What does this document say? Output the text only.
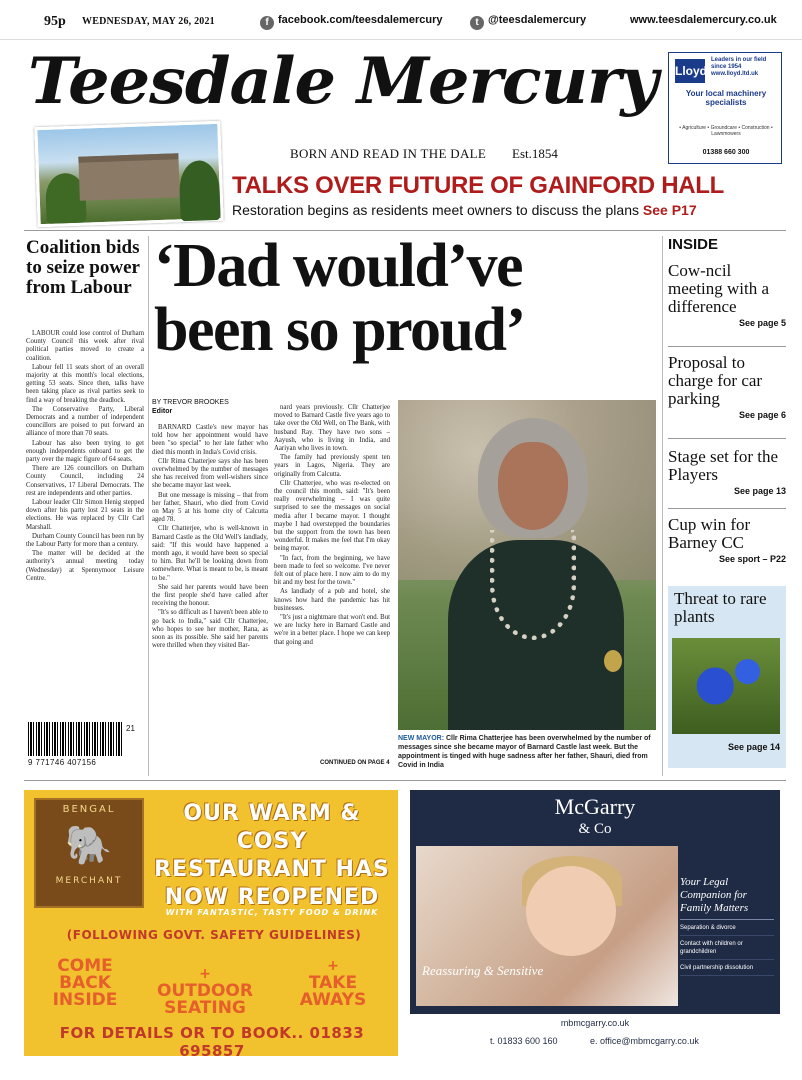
95p WEDNESDAY, MAY 26, 2021	f facebook.com/teesdalemercury	t @teesdalemercury	www.teesdalemercury.co.uk
Teesdale Mercury
BORN AND READ IN THE DALE Est.1854
Lloyd
Leaders in our field since 1954 www.lloyd.ltd.uk
Your local machinery specialists
• Agriculture • Groundcare • Construction • Lawnmowers
01388 660 300
TALKS OVER FUTURE OF GAINFORD HALL
Restoration begins as residents meet owners to discuss the plans See P17
Coalition bids to seize power from Labour

LABOUR could lose control of Durham County Council this week after rival political parties moved to create a coalition.

Labour fell 11 seats short of an overall majority at this month's local elections, getting 53 seats. Since then, talks have been taking place as rival parties seek to find a way of breaking the deadlock.

The Conservative Party, Liberal Democrats and a number of independent councillors are poised to put forward an alliance of more than 70 seats.

Labour has also been trying to get enough independents onboard to get the party over the magic figure of 64 seats.

There are 126 councillors on Durham County Council, including 24 Conservatives, 17 Liberal Democrats. The rest are independents and other parties.

Labour leader Cllr Simon Henig stepped down after his party lost 21 seats in the elections. He was replaced by Cllr Carl Marshall.

Durham County Council has been run by the Labour Party for more than a century.

The matter will be decided at the authority's annual meeting today (Wednesday) at Spennymoor Leisure Centre.

21
9 771746 407156
‘Dad would’ve been so proud’
BY TREVOR BROOKES
Editor

BARNARD Castle's new mayor has told how her appointment would have been "so special" to her late father who died this month in India's Covid crisis.

Cllr Rima Chatterjee says she has been overwhelmed by the number of messages she has received from well-wishers since she became mayor last week.

But one message is missing – that from her father, Shauri, who died from Covid on May 5 at his home city of Calcutta aged 78.

Cllr Chatterjee, who is well-known in Barnard Castle as the Old Well's landlady, said: "If this would have happened a month ago, it would have been so special to him. But he'll be looking down from somewhere. What is meant to be, is meant to be."

She said her parents would have been the first people she'd have called after receiving the honour.

"It's so difficult as I haven't been able to go back to India," said Cllr Chatterjee, who hopes to see her mother, Rana, as soon as its possible. She said her parents were thrilled when they visited Bar-

nard years previously. Cllr Chatterjee moved to Barnard Castle five years ago to take over the Old Well, on The Bank, with husband Ray. They have two sons – Aayush, who is living in India, and Aariyan who lives in town.

The family had previously spent ten years in Lagos, Nigeria. They are originally from Calcutta.

Cllr Chatterjee, who was re-elected on the council this month, said: "It's been really overwhelming – I was quite surprised to see the messages on social media after I became mayor. I thought maybe I had overstepped the boundaries but the support from the town has been wonderful. It makes me feel that I'm okay being mayor.

"In fact, from the beginning, we have been made to feel so welcome. I've never felt out of place here. I now aim to do my bit and my best for the town."

As landlady of a pub and hotel, she knows how hard the pandemic has hit businesses.

"It's just a nightmare that won't end. But we are lucky here in Barnard Castle and we're in a better place. I hope we can keep that going and

CONTINUED ON PAGE 4
NEW MAYOR: Cllr Rima Chatterjee has been overwhelmed by the number of messages since she became mayor of Barnard Castle last week. But the appointment is tinged with huge sadness after her father, Shauri, died from Covid in India
INSIDE
Cow-ncil meeting with a difference
See page 5
Proposal to charge for car parking
See page 6
Stage set for the Players
See page 13
Cup win for Barney CC
See sport – P22
Threat to rare plants
See page 14
BENGAL
🐘
MERCHANT
OUR WARM & COSY RESTAURANT HAS NOW REOPENED
WITH FANTASTIC, TASTY FOOD & DRINK
(FOLLOWING GOVT. SAFETY GUIDELINES)
COME BACK INSIDE
+
OUTDOOR SEATING
+
TAKE AWAYS
FOR DETAILS OR TO BOOK.. 01833 695857
McGarry
& Co
Reassuring & Sensitive
Your Legal Companion for Family Matters
Separation & divorce
Contact with children or grandchildren
Civil partnership dissolution
mbmcgarry.co.uk
t. 01833 600 160	e. office@mbmcgarry.co.uk
